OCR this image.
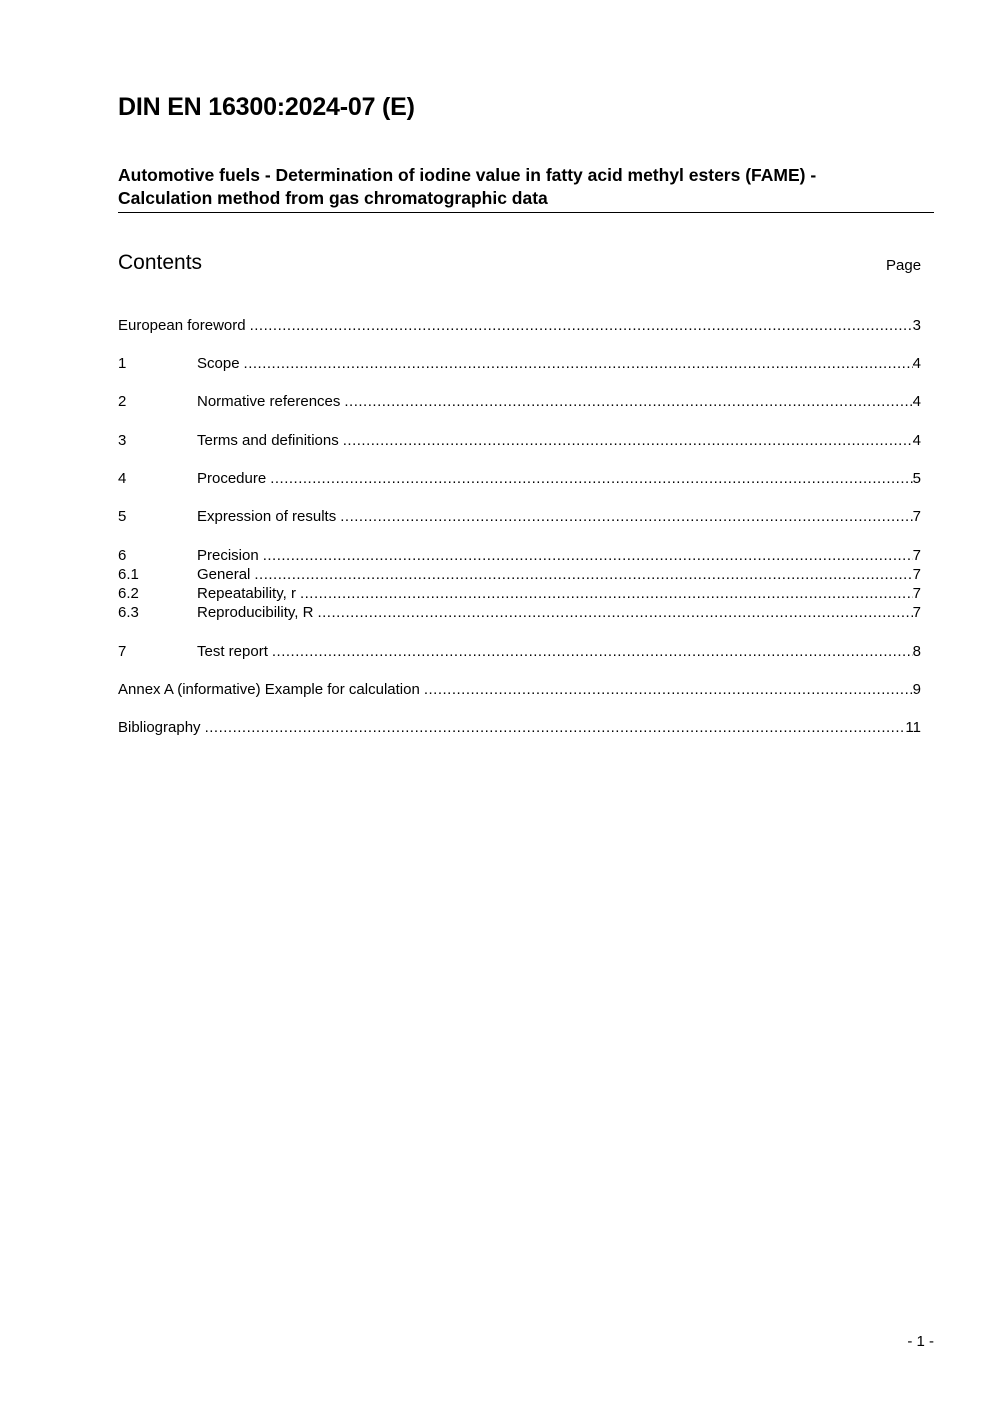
DIN EN 16300:2024-07 (E)
Automotive fuels - Determination of iodine value in fatty acid methyl esters (FAME) -
Calculation method from gas chromatographic data
Contents	Page
European foreword .....	3
1	Scope .....	4
2	Normative references .....	4
3	Terms and definitions .....	4
4	Procedure .....	5
5	Expression of results .....	7
6	Precision .....	7
6.1	General .....	7
6.2	Repeatability, r .....	7
6.3	Reproducibility, R .....	7
7	Test report .....	8
Annex A (informative) Example for calculation .....	9
Bibliography .....	11
- 1 -
